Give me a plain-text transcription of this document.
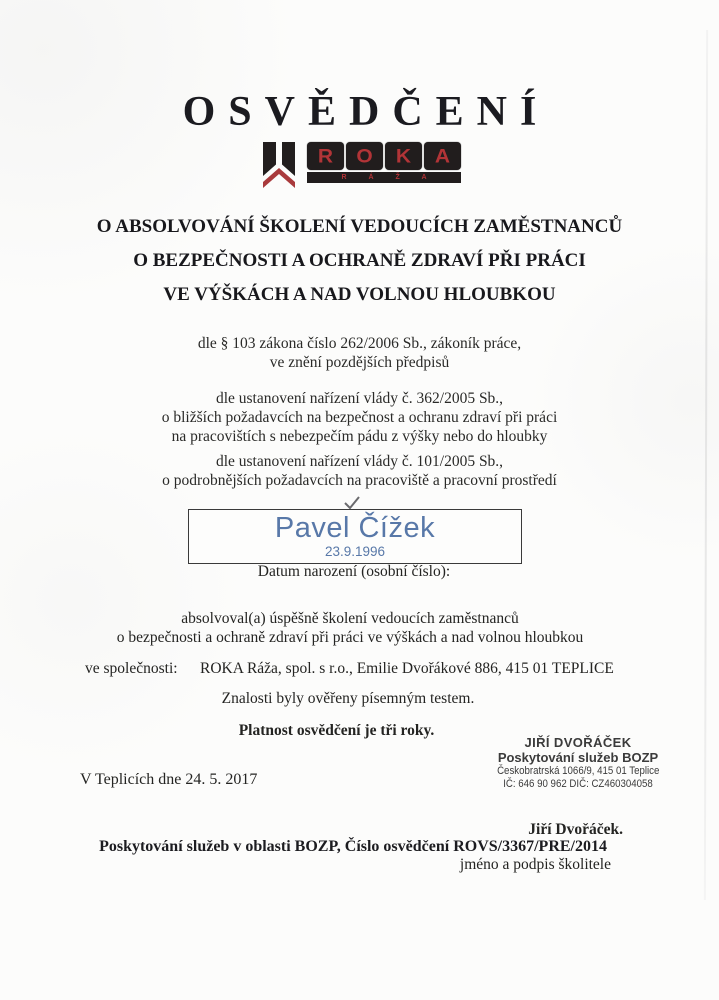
OSVĚDČENÍ
R O K A
R Á Ž A
O ABSOLVOVÁNÍ ŠKOLENÍ VEDOUCÍCH ZAMĚSTNANCŮ
O BEZPEČNOSTI A OCHRANĚ ZDRAVÍ PŘI PRÁCI
VE VÝŠKÁCH A NAD VOLNOU HLOUBKOU
dle § 103 zákona číslo 262/2006 Sb., zákoník práce,
ve znění pozdějších předpisů
dle ustanovení nařízení vlády č. 362/2005 Sb.,
o bližších požadavcích na bezpečnost a ochranu zdraví při práci
na pracovištích s nebezpečím pádu z výšky nebo do hloubky
dle ustanovení nařízení vlády č. 101/2005 Sb.,
o podrobnějších požadavcích na pracoviště a pracovní prostředí
Pavel Čížek
23.9.1996
Datum narození (osobní číslo):
absolvoval(a) úspěšně školení vedoucích zaměstnanců
o bezpečnosti a ochraně zdraví při práci ve výškách a nad volnou hloubkou
ve společnosti: ROKA Ráža, spol. s r.o., Emilie Dvořákové 886, 415 01 TEPLICE
Znalosti byly ověřeny písemným testem.
Platnost osvědčení je tři roky.
JIŘÍ DVOŘÁČEK
Poskytování služeb BOZP
Českobratrská 1066/9, 415 01 Teplice
IČ: 646 90 962 DIČ: CZ460304058
V Teplicích dne 24. 5. 2017
Jiří Dvořáček.
Poskytování služeb v oblasti BOZP, Číslo osvědčení ROVS/3367/PRE/2014
jméno a podpis školitele
